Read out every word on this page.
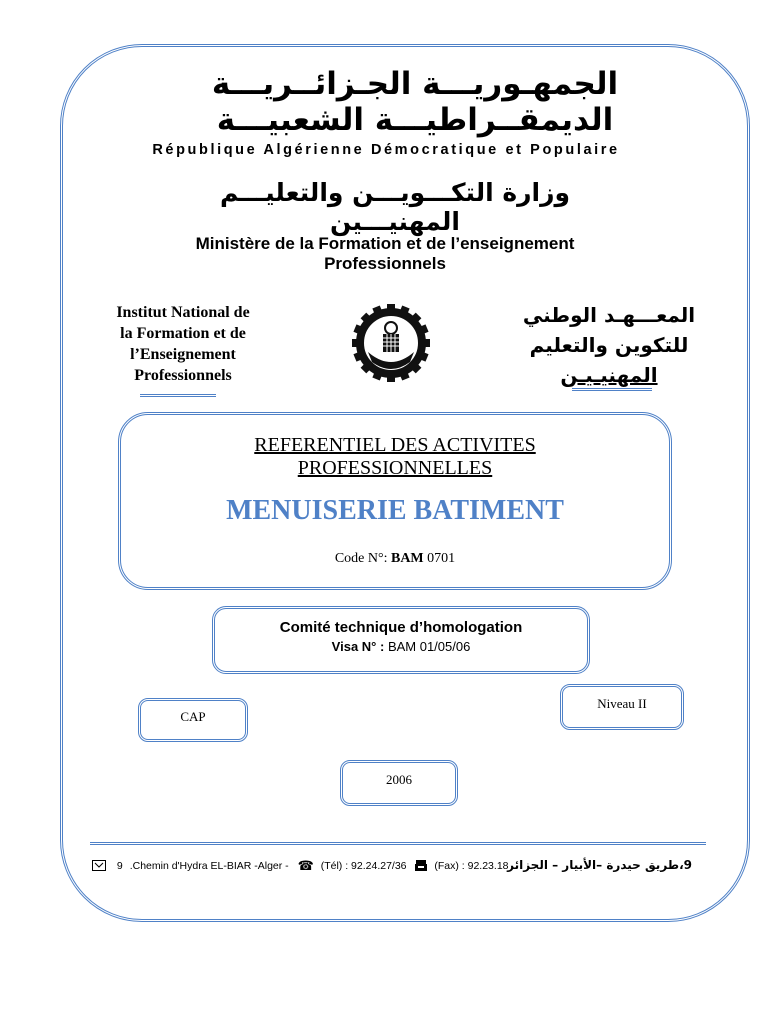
الجمهـوريـــة الجـزائــريـــة الديمقــراطيـــة الشعبيـــة
République Algérienne Démocratique et Populaire
وزارة التكـــويـــن والتعليـــم المهنيـــين
Ministère de la Formation et de l’enseignement
Professionnels
Institut National de
la Formation et de
l’Enseignement
Professionnels
المعـــهـد الوطني
للتكوين والتعليم
المهنيـيـن
REFERENTIEL DES ACTIVITES
PROFESSIONNELLES
MENUISERIE BATIMENT
Code N°: BAM 0701
Comité technique d’homologation
Visa N° : BAM 01/05/06
CAP
Niveau II
2006
9 .Chemin d'Hydra EL-BIAR -Alger - ☎ (Tél) : 92.24.27/36	(Fax) : 92.23.18
9،طريق حيدرة –الأبيار – الجزائر
